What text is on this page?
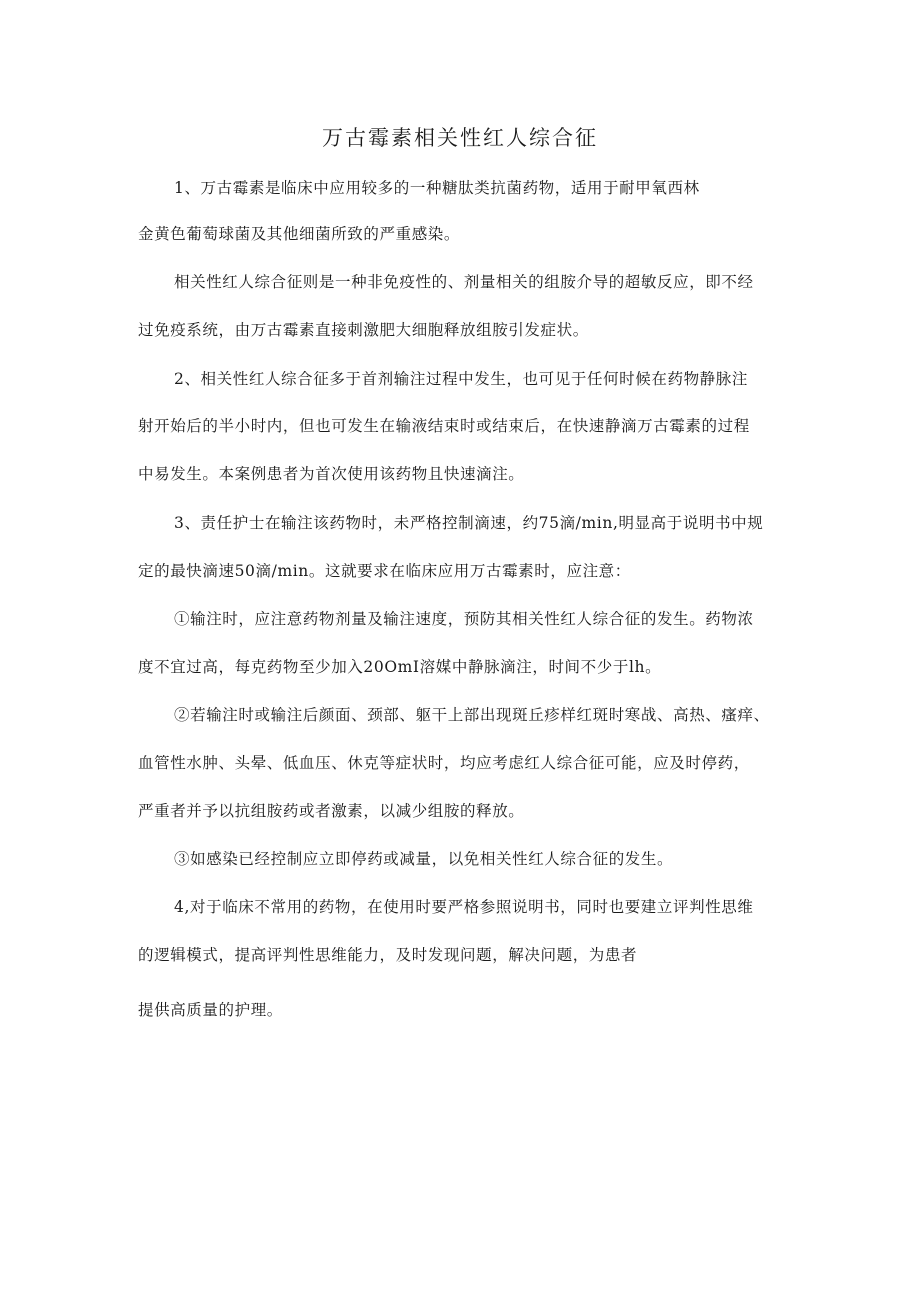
万古霉素相关性红人综合征
1、万古霉素是临床中应用较多的一种糖肽类抗菌药物，适用于耐甲氧西林
金黄色葡萄球菌及其他细菌所致的严重感染。
相关性红人综合征则是一种非免疫性的、剂量相关的组胺介导的超敏反应，即不经
过免疫系统，由万古霉素直接刺激肥大细胞释放组胺引发症状。
2、相关性红人综合征多于首剂输注过程中发生，也可见于任何时候在药物静脉注
射开始后的半小时内，但也可发生在输液结束时或结束后，在快速静滴万古霉素的过程
中易发生。本案例患者为首次使用该药物且快速滴注。
3、责任护士在输注该药物时，未严格控制滴速，约75滴/min,明显高于说明书中规
定的最快滴速50滴/min。这就要求在临床应用万古霉素时，应注意：
①输注时，应注意药物剂量及输注速度，预防其相关性红人综合征的发生。药物浓
度不宜过高，每克药物至少加入20OmI溶媒中静脉滴注，时间不少于lh。
②若输注时或输注后颜面、颈部、躯干上部出现斑丘疹样红斑时寒战、高热、瘙痒、
血管性水肿、头晕、低血压、休克等症状时，均应考虑红人综合征可能，应及时停药，
严重者并予以抗组胺药或者激素，以减少组胺的释放。
③如感染已经控制应立即停药或减量，以免相关性红人综合征的发生。
4,对于临床不常用的药物，在使用时要严格参照说明书，同时也要建立评判性思维
的逻辑模式，提高评判性思维能力，及时发现问题，解决问题，为患者
提供高质量的护理。
